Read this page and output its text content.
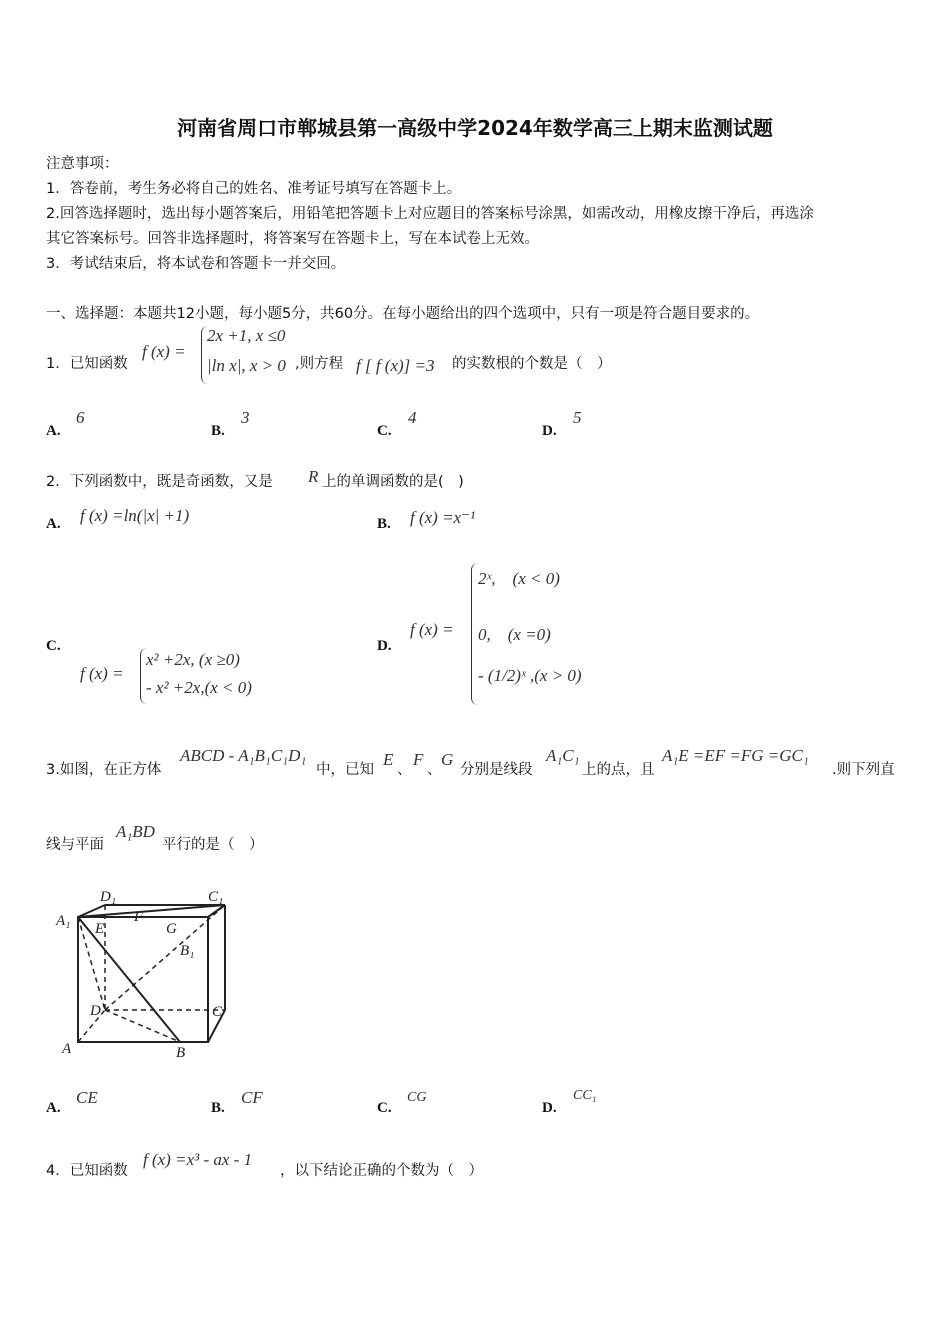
河南省周口市郸城县第一高级中学2024年数学高三上期末监测试题
注意事项：
1．答卷前，考生务必将自己的姓名、准考证号填写在答题卡上。
2.回答选择题时，选出每小题答案后，用铅笔把答题卡上对应题目的答案标号涂黑，如需改动，用橡皮擦干净后，再选涂
其它答案标号。回答非选择题时，将答案写在答题卡上，写在本试卷上无效。
3．考试结束后，将本试卷和答题卡一并交回。
一、选择题：本题共12小题，每小题5分，共60分。在每小题给出的四个选项中，只有一项是符合题目要求的。
1．已知函数
f (x) =
2x +1, x ≤0
|ln x|, x > 0 ,则方程 f [ f (x)] =3 的实数根的个数是（　）
A.
6
B.
3
C.
4
D.
5
2．下列函数中，既是奇函数，又是 R 上的单调函数的是(　)
A. f (x) =ln(|x| +1)	B. f (x) =x⁻¹
C.
f (x) =
x² +2x, (x ≥0)
- x² +2x,(x < 0)
D.
f (x) =
2ˣ,　(x < 0)
0,　(x =0)
- (1/2)ˣ ,(x > 0)
3.如图，在正方体
ABCD - A₁B₁C₁D₁
中，已知
E
、
F
、
G
分别是线段
A₁C₁
上的点，且
A₁E =EF =FG =GC₁
.则下列直
线与平面
A₁BD
平行的是（　）
D₁	C₁
A₁ E
F
G
B₁
D	C
A	B
A.
CE
B.
CF
C.
CG
D.
CC₁
4．已知函数
f (x) =x³ - ax - 1
，以下结论正确的个数为（　）
